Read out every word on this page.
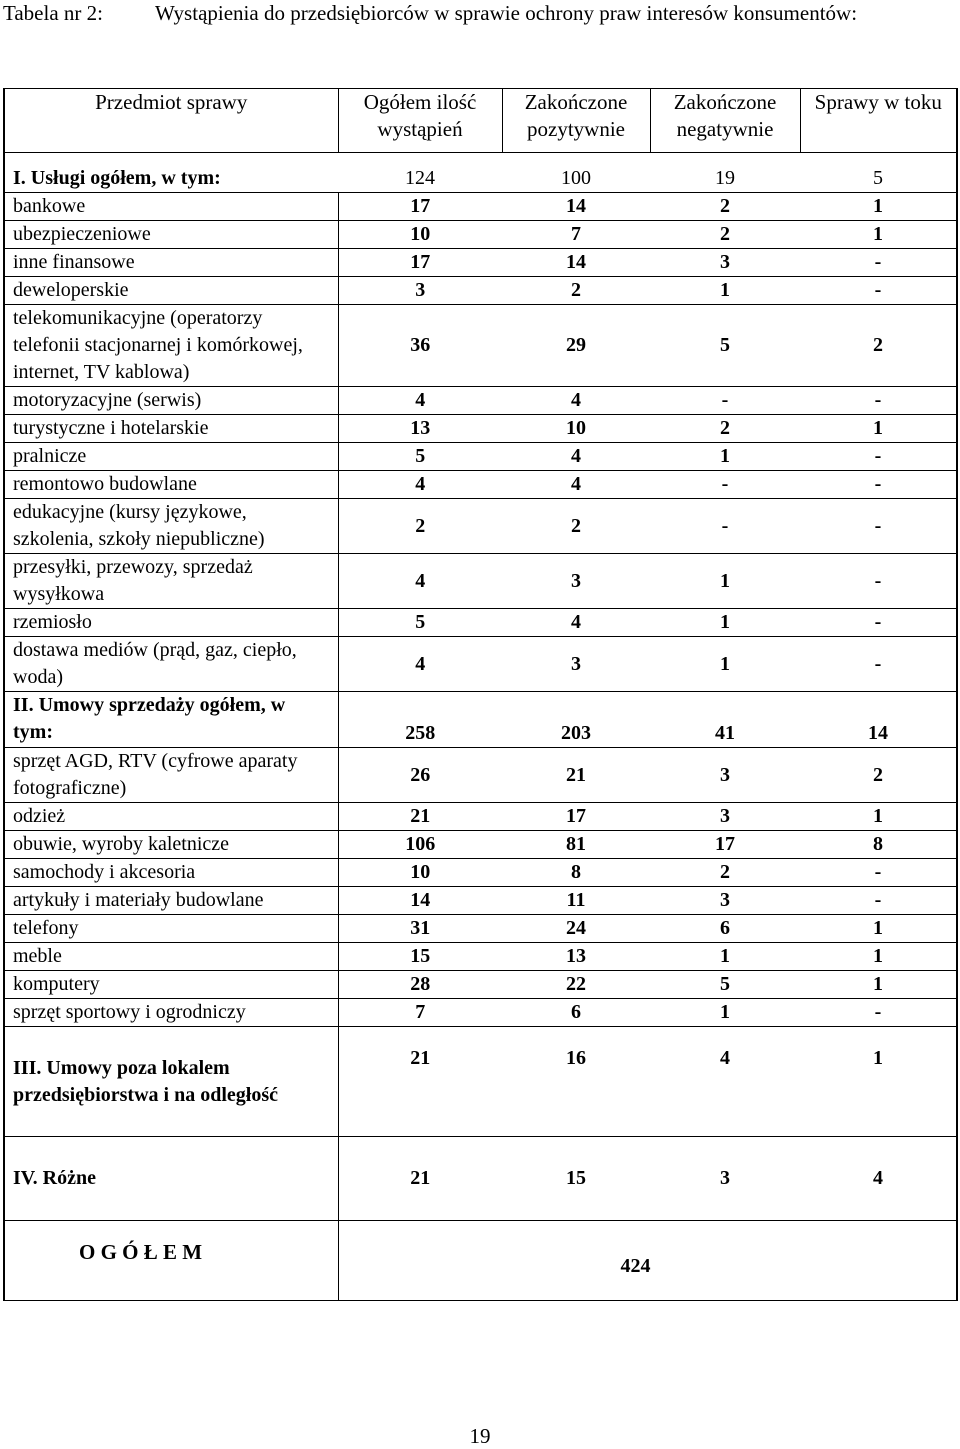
Tabela nr 2: Wystąpienia do przedsiębiorców w sprawie ochrony praw interesów konsumentów:
Przedmiot sprawy	Ogółem ilość wystąpień	Zakończone pozytywnie	Zakończone negatywnie	Sprawy w toku
I. Usługi ogółem, w tym:	124	100	19	5
bankowe	17	14	2	1
ubezpieczeniowe	10	7	2	1
inne finansowe	17	14	3	-
deweloperskie	3	2	1	-
telekomunikacyjne (operatorzy telefonii stacjonarnej i komórkowej, internet, TV kablowa)	36	29	5	2
motoryzacyjne (serwis)	4	4	-	-
turystyczne i hotelarskie	13	10	2	1
pralnicze	5	4	1	-
remontowo budowlane	4	4	-	-
edukacyjne (kursy językowe, szkolenia, szkoły niepubliczne)	2	2	-	-
przesyłki, przewozy, sprzedaż wysyłkowa	4	3	1	-
rzemiosło	5	4	1	-
dostawa mediów (prąd, gaz, ciepło, woda)	4	3	1	-
II. Umowy sprzedaży ogółem, w tym:	258	203	41	14
sprzęt AGD, RTV (cyfrowe aparaty fotograficzne)	26	21	3	2
odzież	21	17	3	1
obuwie, wyroby kaletnicze	106	81	17	8
samochody i akcesoria	10	8	2	-
artykuły i materiały budowlane	14	11	3	-
telefony	31	24	6	1
meble	15	13	1	1
komputery	28	22	5	1
sprzęt sportowy i ogrodniczy	7	6	1	-
III. Umowy poza lokalem przedsiębiorstwa i na odległość	21	16	4	1
IV. Różne	21	15	3	4
O G Ó Ł E M	424			
19
